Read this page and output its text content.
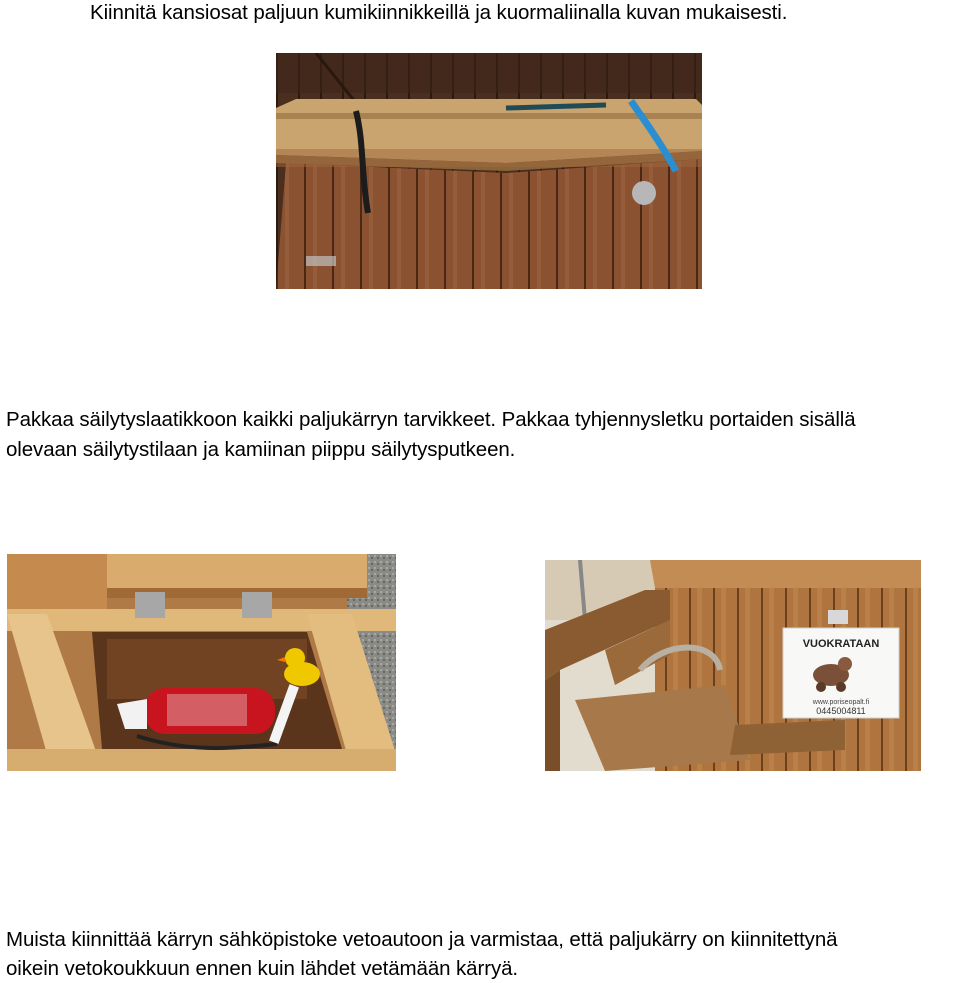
Kiinnitä kansiosat paljuun kumikiinnikkeillä ja kuormaliinalla kuvan mukaisesti.
Pakkaa säilytyslaatikkoon kaikki paljukärryn tarvikkeet. Pakkaa tyhjennysletku portaiden sisällä
olevaan säilytystilaan ja kamiinan piippu säilytysputkeen.
VUOKRATAAN
www.poriseopalt.fi
0445004811
Muista kiinnittää kärryn sähköpistoke vetoautoon ja varmistaa, että paljukärry on kiinnitettynä
oikein vetokoukkuun ennen kuin lähdet vetämään kärryä.
